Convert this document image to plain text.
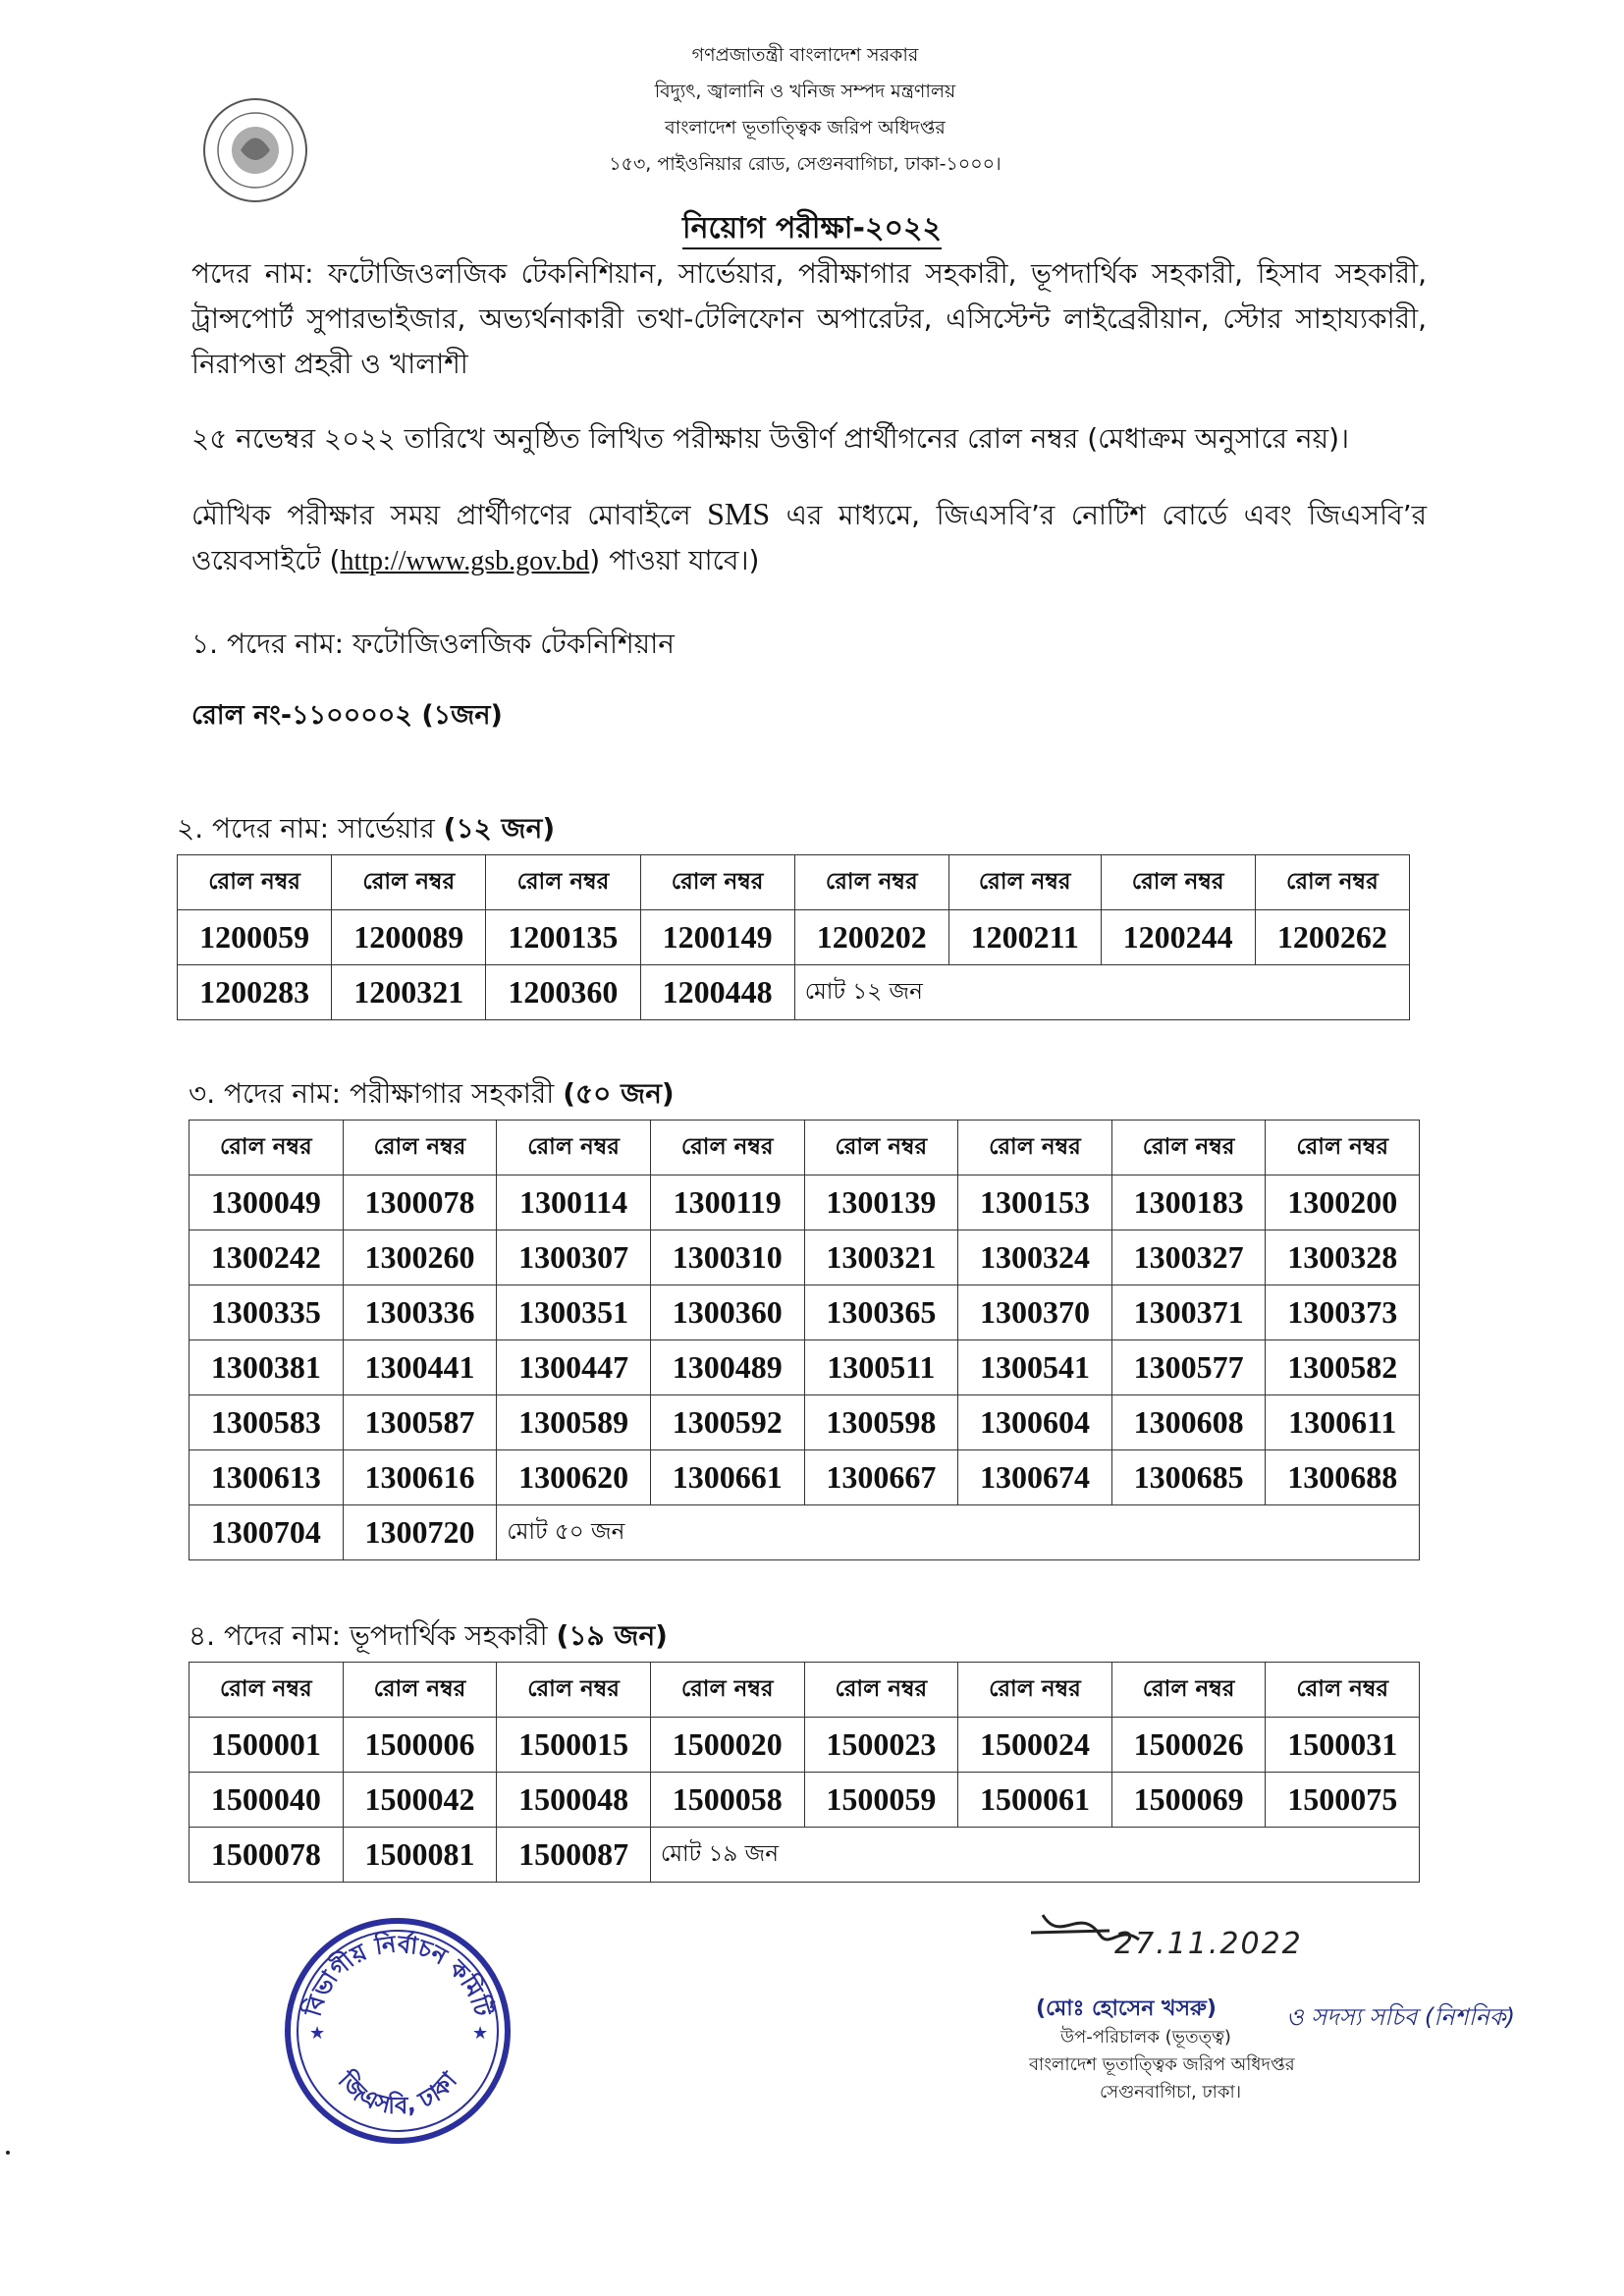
গণপ্রজাতন্ত্রী বাংলাদেশ সরকার
বিদ্যুৎ, জ্বালানি ও খনিজ সম্পদ মন্ত্রণালয়
বাংলাদেশ ভূতাত্ত্বিক জরিপ অধিদপ্তর
১৫৩, পাইওনিয়ার রোড, সেগুনবাগিচা, ঢাকা-১০০০।
নিয়োগ পরীক্ষা-২০২২
পদের নাম: ফটোজিওলজিক টেকনিশিয়ান, সার্ভেয়ার, পরীক্ষাগার সহকারী, ভূপদার্থিক সহকারী, হিসাব সহকারী, ট্রান্সপোর্ট সুপারভাইজার, অভ্যর্থনাকারী তথা-টেলিফোন অপারেটর, এসিস্টেন্ট লাইব্রেরীয়ান, স্টোর সাহায্যকারী, নিরাপত্তা প্রহরী ও খালাশী
২৫ নভেম্বর ২০২২ তারিখে অনুষ্ঠিত লিখিত পরীক্ষায় উত্তীর্ণ প্রার্থীগনের রোল নম্বর (মেধাক্রম অনুসারে নয়)।
মৌখিক পরীক্ষার সময় প্রার্থীগণের মোবাইলে SMS এর মাধ্যমে, জিএসবি’র নোটিশ বোর্ডে এবং জিএসবি’র ওয়েবসাইটে (http://www.gsb.gov.bd) পাওয়া যাবে।)
১. পদের নাম: ফটোজিওলজিক টেকনিশিয়ান
রোল নং-১১০০০০২ (১জন)
২. পদের নাম: সার্ভেয়ার (১২ জন)
রোল নম্বর	রোল নম্বর	রোল নম্বর	রোল নম্বর	রোল নম্বর	রোল নম্বর	রোল নম্বর	রোল নম্বর
1200059	1200089	1200135	1200149	1200202	1200211	1200244	1200262
1200283	1200321	1200360	1200448	মোট ১২ জন			
৩. পদের নাম: পরীক্ষাগার সহকারী (৫০ জন)
রোল নম্বর	রোল নম্বর	রোল নম্বর	রোল নম্বর	রোল নম্বর	রোল নম্বর	রোল নম্বর	রোল নম্বর
1300049	1300078	1300114	1300119	1300139	1300153	1300183	1300200
1300242	1300260	1300307	1300310	1300321	1300324	1300327	1300328
1300335	1300336	1300351	1300360	1300365	1300370	1300371	1300373
1300381	1300441	1300447	1300489	1300511	1300541	1300577	1300582
1300583	1300587	1300589	1300592	1300598	1300604	1300608	1300611
1300613	1300616	1300620	1300661	1300667	1300674	1300685	1300688
1300704	1300720	মোট ৫০ জন					
৪. পদের নাম: ভূপদার্থিক সহকারী (১৯ জন)
রোল নম্বর	রোল নম্বর	রোল নম্বর	রোল নম্বর	রোল নম্বর	রোল নম্বর	রোল নম্বর	রোল নম্বর
1500001	1500006	1500015	1500020	1500023	1500024	1500026	1500031
1500040	1500042	1500048	1500058	1500059	1500061	1500069	1500075
1500078	1500081	1500087	মোট ১৯ জন				
বিভাগীয় নির্বাচন কমিটি
জিএসবি, ঢাকা
★	★
27.11.2022
(মোঃ হোসেন খসরু)	ও সদস্য সচিব (নিশনিক)
উপ-পরিচালক (ভূতত্ত্ব)
বাংলাদেশ ভূতাত্ত্বিক জরিপ অধিদপ্তর
সেগুনবাগিচা, ঢাকা।
